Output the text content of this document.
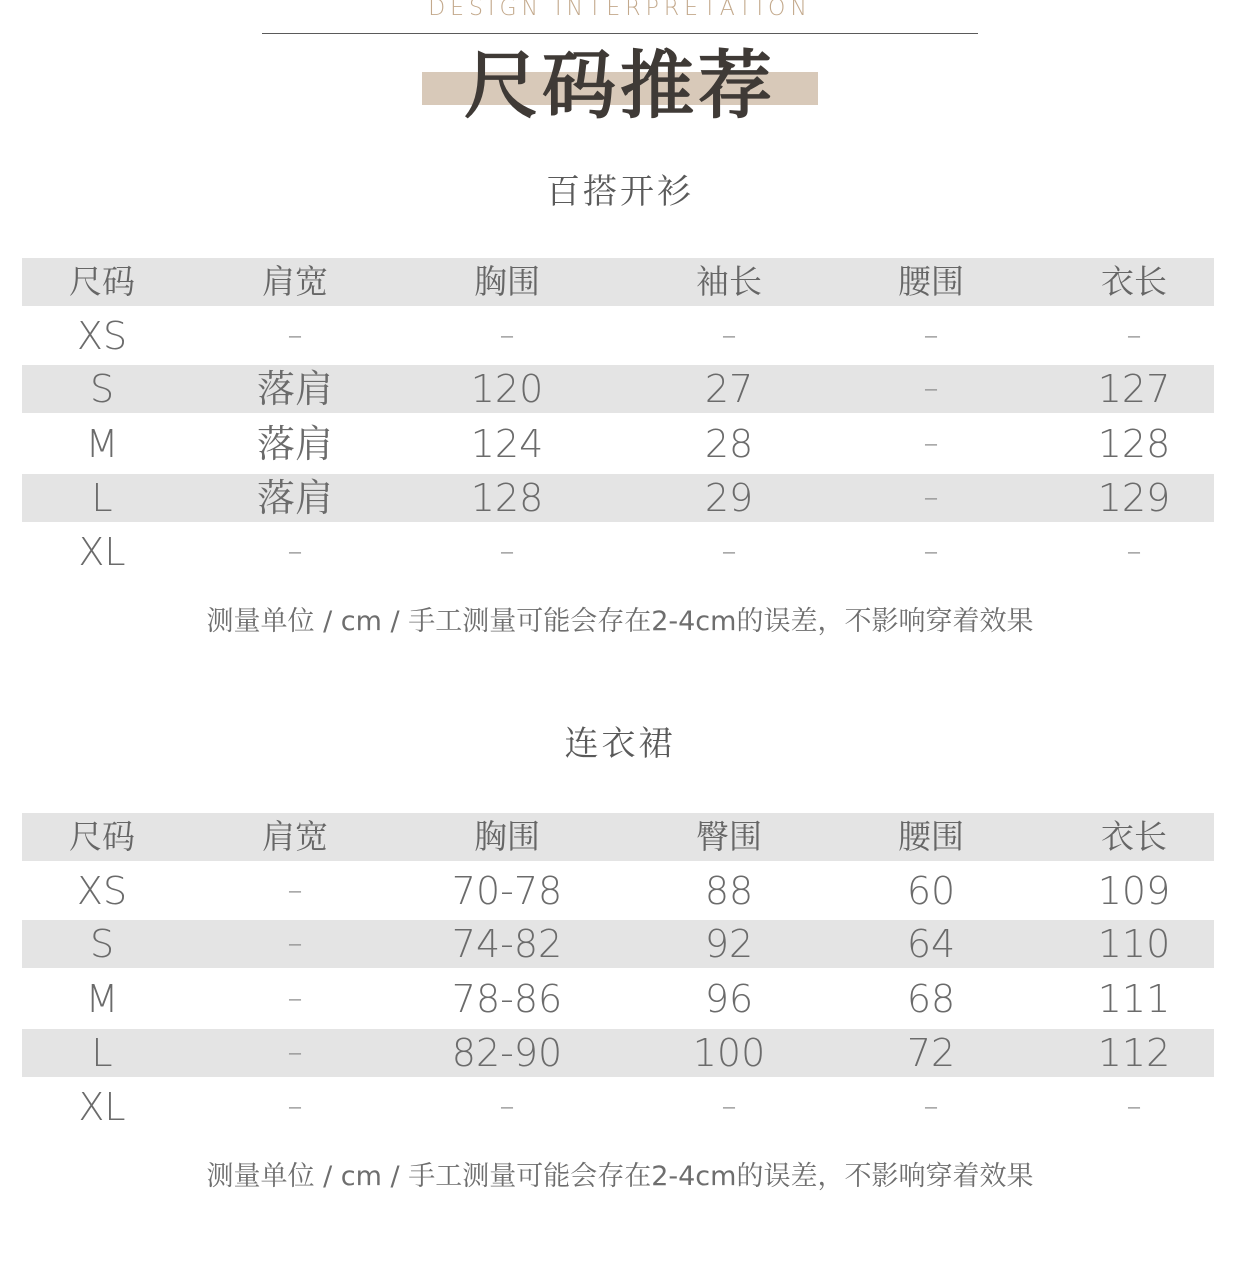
DESIGN INTERPRETATION
尺码推荐
百搭开衫
尺码	肩宽	胸围	袖长	腰围	衣长
XS	–	–	–	–	–
S	落肩	120	27	–	127
M	落肩	124	28	–	128
L	落肩	128	29	–	129
XL	–	–	–	–	–
测量单位 / cm / 手工测量可能会存在2-4cm的误差，不影响穿着效果
连衣裙
尺码	肩宽	胸围	臀围	腰围	衣长
XS	–	70-78	88	60	109
S	–	74-82	92	64	110
M	–	78-86	96	68	111
L	–	82-90	100	72	112
XL	–	–	–	–	–
测量单位 / cm / 手工测量可能会存在2-4cm的误差，不影响穿着效果
